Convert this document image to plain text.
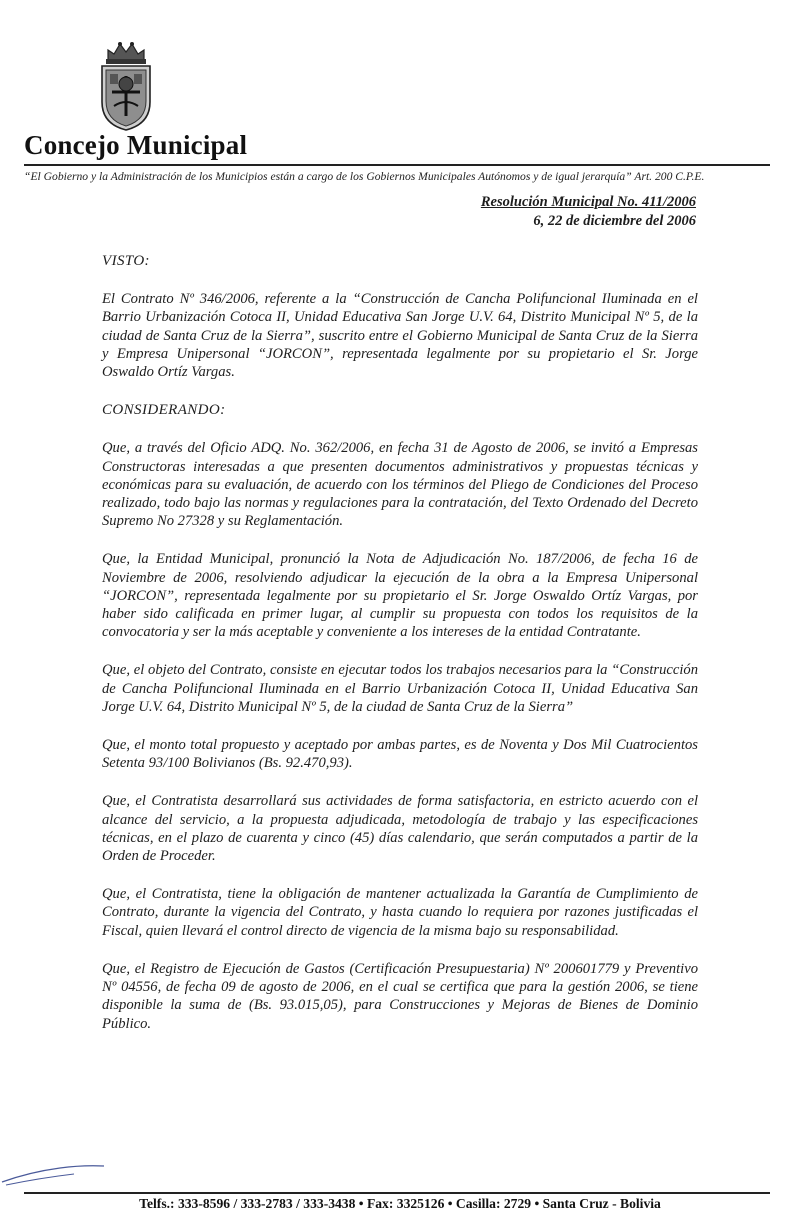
Concejo Municipal

“El Gobierno y la Administración de los Municipios están a cargo de los Gobiernos Municipales Autónomos y de igual jerarquía” Art. 200 C.P.E.

Resolución Municipal No. 411/2006
6, 22 de diciembre del 2006

VISTO:

El Contrato Nº 346/2006, referente a la “Construcción de Cancha Polifuncional Iluminada en el Barrio Urbanización Cotoca II, Unidad Educativa San Jorge U.V. 64, Distrito Municipal Nº 5, de la ciudad de Santa Cruz de la Sierra”, suscrito entre el Gobierno Municipal de Santa Cruz de la Sierra y Empresa Unipersonal “JORCON”, representada legalmente por su propietario el Sr. Jorge Oswaldo Ortíz Vargas.

CONSIDERANDO:

Que, a través del Oficio ADQ. No. 362/2006, en fecha 31 de Agosto de 2006, se invitó a Empresas Constructoras interesadas a que presenten documentos administrativos y propuestas técnicas y económicas para su evaluación, de acuerdo con los términos del Pliego de Condiciones del Proceso realizado, todo bajo las normas y regulaciones para la contratación, del Texto Ordenado del Decreto Supremo No 27328 y su Reglamentación.

Que, la Entidad Municipal, pronunció la Nota de Adjudicación No. 187/2006, de fecha 16 de Noviembre de 2006, resolviendo adjudicar la ejecución de la obra a la Empresa Unipersonal “JORCON”, representada legalmente por su propietario el Sr. Jorge Oswaldo Ortíz Vargas, por haber sido calificada en primer lugar, al cumplir su propuesta con todos los requisitos de la convocatoria y ser la más aceptable y conveniente a los intereses de la entidad Contratante.

Que, el objeto del Contrato, consiste en ejecutar todos los trabajos necesarios para la “Construcción de Cancha Polifuncional Iluminada en el Barrio Urbanización Cotoca II, Unidad Educativa San Jorge U.V. 64, Distrito Municipal Nº 5, de la ciudad de Santa Cruz de la Sierra”

Que, el monto total propuesto y aceptado por ambas partes, es de Noventa y Dos Mil Cuatrocientos Setenta 93/100 Bolivianos (Bs. 92.470,93).

Que, el Contratista desarrollará sus actividades de forma satisfactoria, en estricto acuerdo con el alcance del servicio, a la propuesta adjudicada, metodología de trabajo y las especificaciones técnicas, en el plazo de cuarenta y cinco (45) días calendario, que serán computados a partir de la Orden de Proceder.

Que, el Contratista, tiene la obligación de mantener actualizada la Garantía de Cumplimiento de Contrato, durante la vigencia del Contrato, y hasta cuando lo requiera por razones justificadas el Fiscal, quien llevará el control directo de vigencia de la misma bajo su responsabilidad.

Que, el Registro de Ejecución de Gastos (Certificación Presupuestaria) Nº 200601779 y Preventivo Nº 04556, de fecha 09 de agosto de 2006, en el cual se certifica que para la gestión 2006, se tiene disponible la suma de (Bs. 93.015,05), para Construcciones y Mejoras de Bienes de Dominio Público.

Telfs.: 333-8596 / 333-2783 / 333-3438 • Fax: 3325126 • Casilla: 2729 • Santa Cruz - Bolivia
